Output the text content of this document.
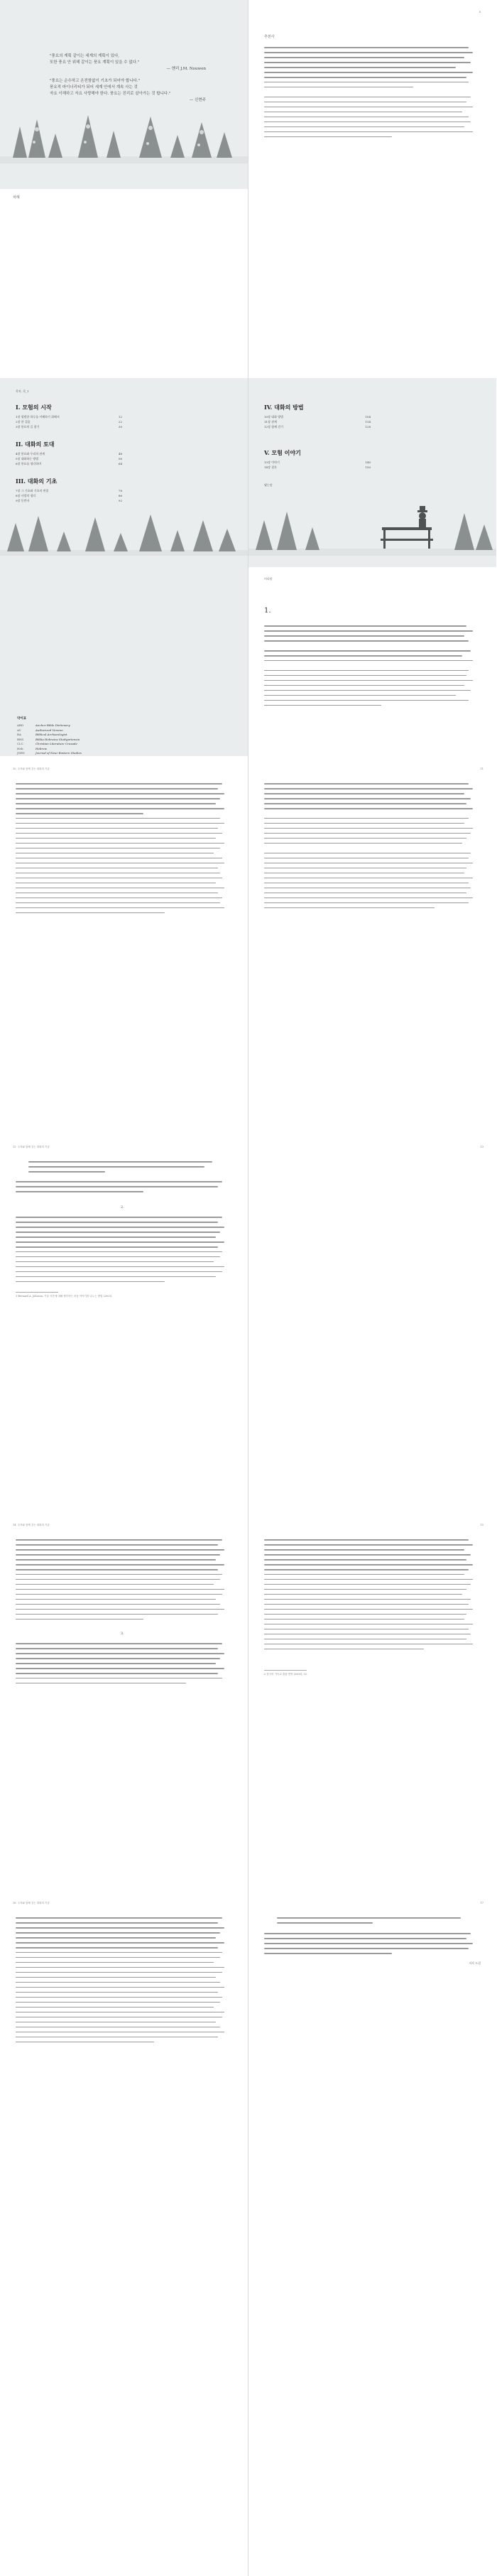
"풍요의 계획 같이는 세계의 계획이 있다,
또한 풍요 안 위해 같이는 풍요 계획이 있을 수 없다."
— 헨리 J.M. Nouwen
"풍요는 순수하고 온전함없이 기초가 되어야 합니다."
풍요적 마이너리티가 되어 세계 안에서 계속 사는 것
자요 이해하고 자요 사랑해야 한다. 풍요는 진리로 살아가는 것 합니다."
— 신현주
5
추천사
차례
목차, 목_1
I. 모험의 시작
1장 평범한 하루를 이해하기 위해서	12
2장 한 걸음	22
3장 풍요의 길 찾기	30
II. 대화의 토대
4장 풍요와 우리의 관계	48
5장 대화하는 방법	56
6장 풍요를 생각하며	64
III. 대화의 기초
7장 그 기초와 기초의 연결	78
8장 사랑의 생각	86
9장 동반자	92
IV. 대화의 방법
10장 대화 방법	104
11장 관계	114
12장 함께 걷기	128
V. 모험 이야기
13장 이야기	140
14장 결론	150
맺는말
약어표
ABD	Anchor Bible Dictionary
AV	Authorized Version
BA	Biblical Archaeologist
BHS	Biblia Hebraica Stuttgartensia
CLC	Christian Literature Crusade
Heb.	Hebrew
JNES	Journal of Near Eastern Studies
머리말
1.
10 주자와 함께 걷는 대화의 기술	11
12 주자와 함께 걷는 대화의 기술
2.
1 Bernard A. Johnson, 기술 시간에 대해 생각하는 처음 이야기를 나누는 방법 (2003).
13
14 주자와 함께 걷는 대화의 기술
3.
15
2 한국어 기독교 출판 번역 (2005), 32.
16 주자와 함께 걷는 대화의 기술	17
저자 드림
